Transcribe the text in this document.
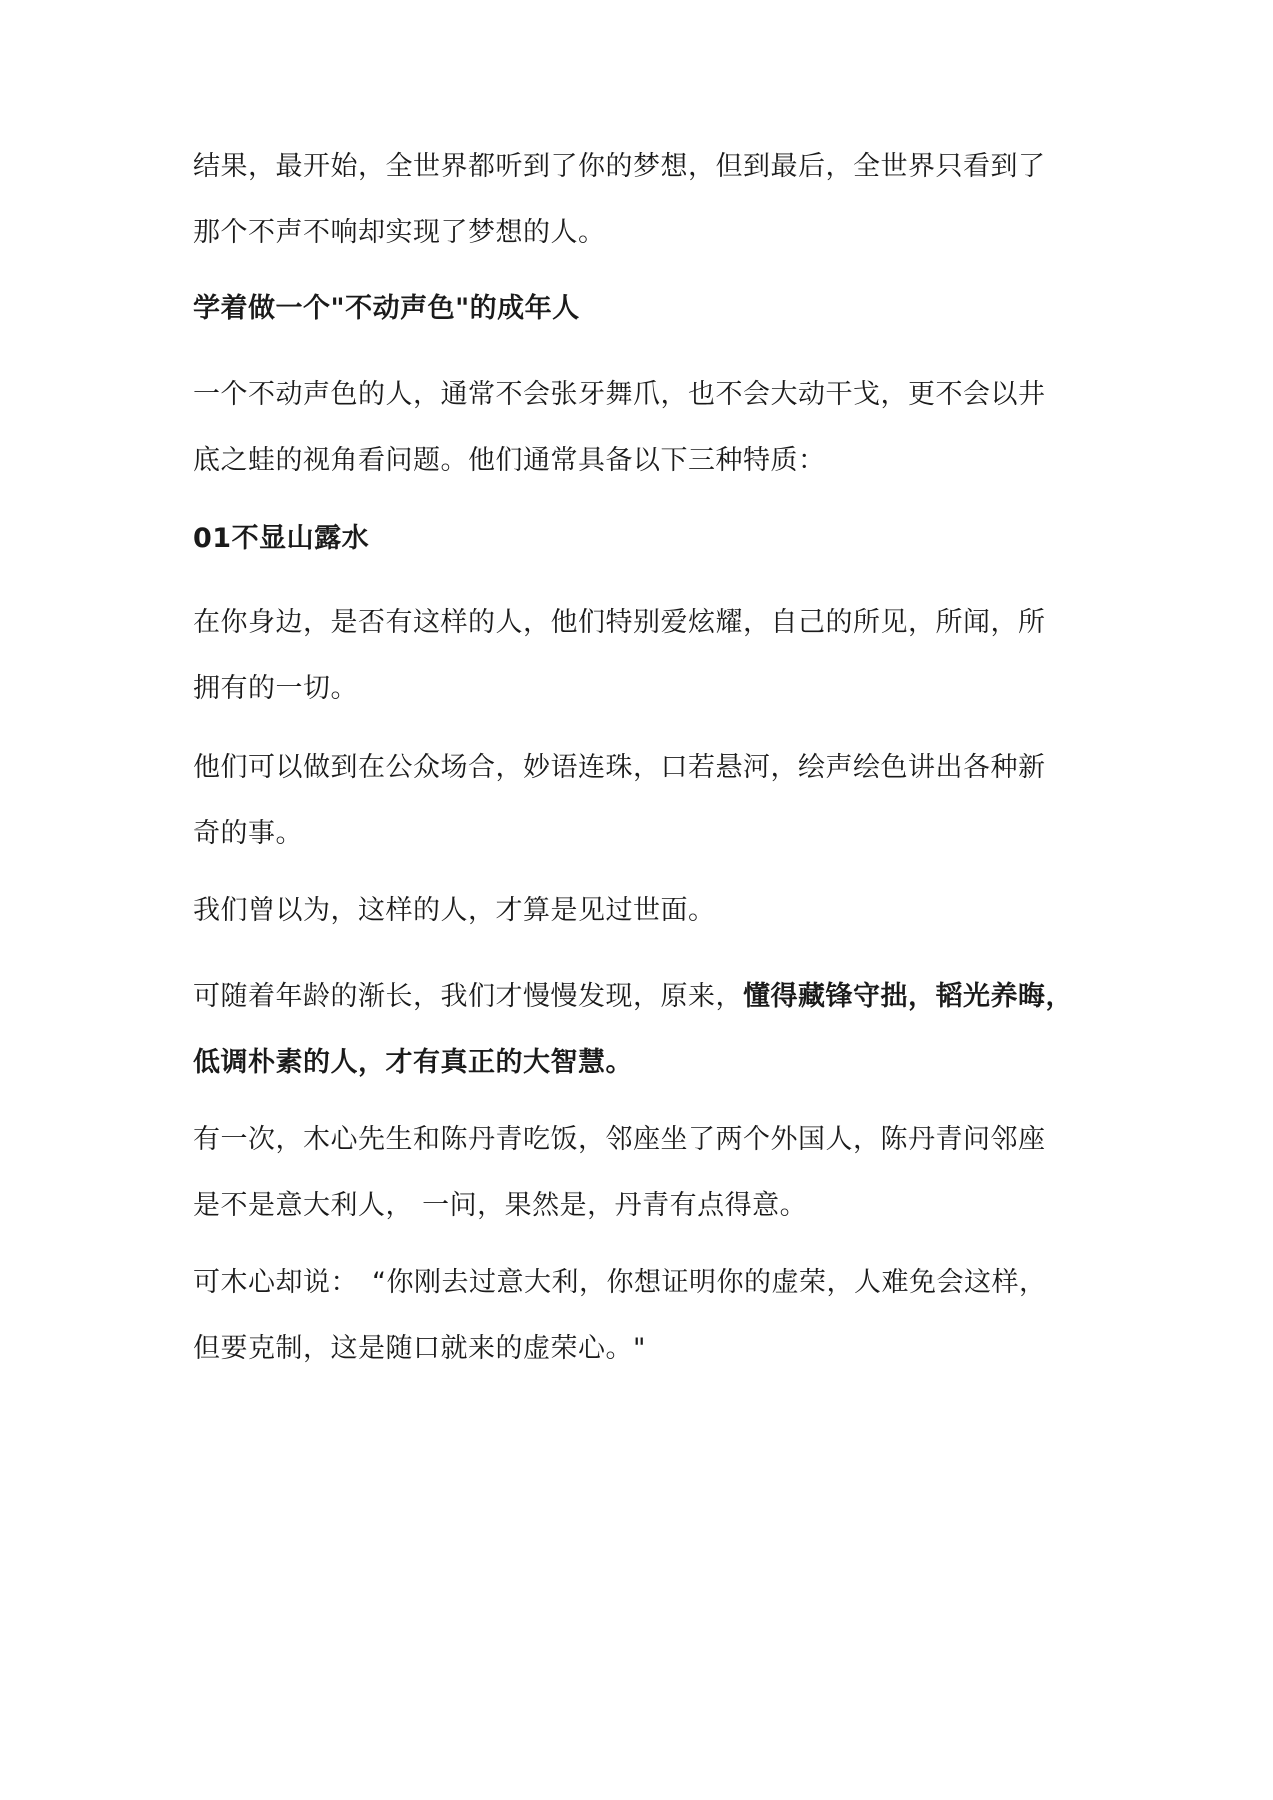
结果，最开始，全世界都听到了你的梦想，但到最后，全世界只看到了
那个不声不响却实现了梦想的人。

学着做一个"不动声色"的成年人

一个不动声色的人，通常不会张牙舞爪，也不会大动干戈，更不会以井
底之蛙的视角看问题。他们通常具备以下三种特质：

01不显山露水

在你身边，是否有这样的人，他们特别爱炫耀，自己的所见，所闻，所
拥有的一切。

他们可以做到在公众场合，妙语连珠，口若悬河，绘声绘色讲出各种新
奇的事。

我们曾以为，这样的人，才算是见过世面。

可随着年龄的渐长，我们才慢慢发现，原来，懂得藏锋守拙，韬光养晦，
低调朴素的人，才有真正的大智慧。

有一次，木心先生和陈丹青吃饭，邻座坐了两个外国人，陈丹青问邻座
是不是意大利人， 一问，果然是，丹青有点得意。

可木心却说：　“你刚去过意大利，你想证明你的虚荣，人难免会这样，
但要克制，这是随口就来的虚荣心。"
